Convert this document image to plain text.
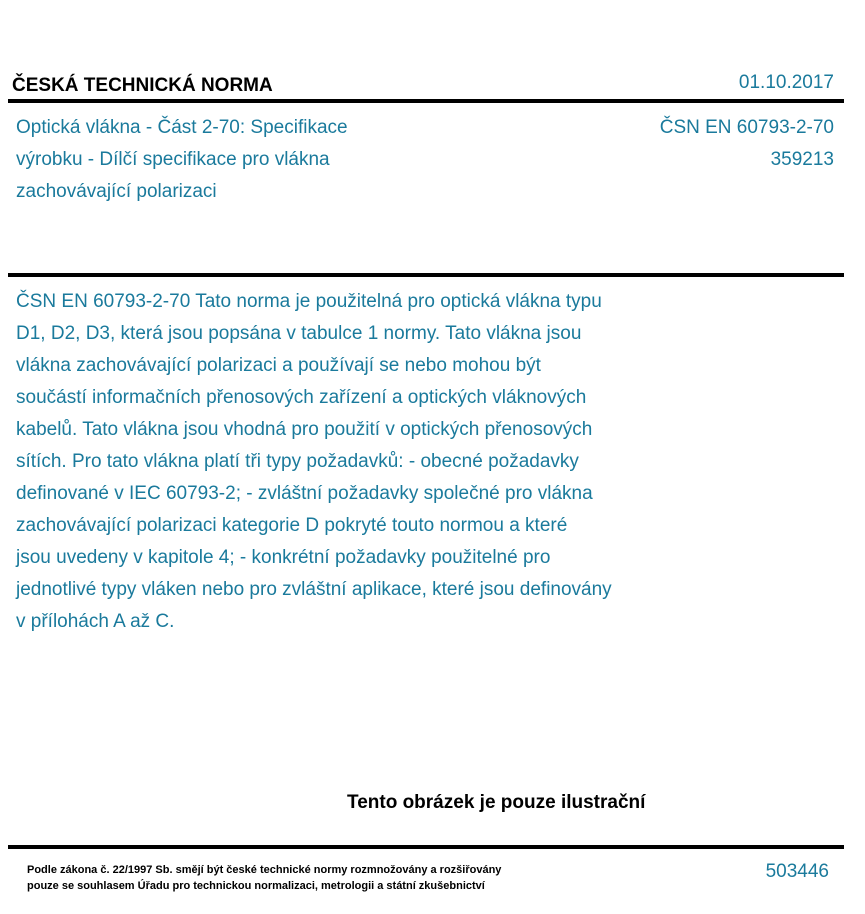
ČESKÁ TECHNICKÁ NORMA	01.10.2017
Optická vlákna - Část 2-70: Specifikace
výrobku - Dílčí specifikace pro vlákna
zachovávající polarizaci
ČSN EN 60793-2-70
359213
ČSN EN 60793-2-70 Tato norma je použitelná pro optická vlákna typu
D1, D2, D3, která jsou popsána v tabulce 1 normy. Tato vlákna jsou
vlákna zachovávající polarizaci a používají se nebo mohou být
součástí informačních přenosových zařízení a optických vláknových
kabelů. Tato vlákna jsou vhodná pro použití v optických přenosových
sítích. Pro tato vlákna platí tři typy požadavků: - obecné požadavky
definované v IEC 60793-2; - zvláštní požadavky společné pro vlákna
zachovávající polarizaci kategorie D pokryté touto normou a které
jsou uvedeny v kapitole 4; - konkrétní požadavky použitelné pro
jednotlivé typy vláken nebo pro zvláštní aplikace, které jsou definovány
v přílohách A až C.
Tento obrázek je pouze ilustrační
Podle zákona č. 22/1997 Sb. smějí být české technické normy rozmnožovány a rozšiřovány
pouze se souhlasem Úřadu pro technickou normalizaci, metrologii a státní zkušebnictví
503446
